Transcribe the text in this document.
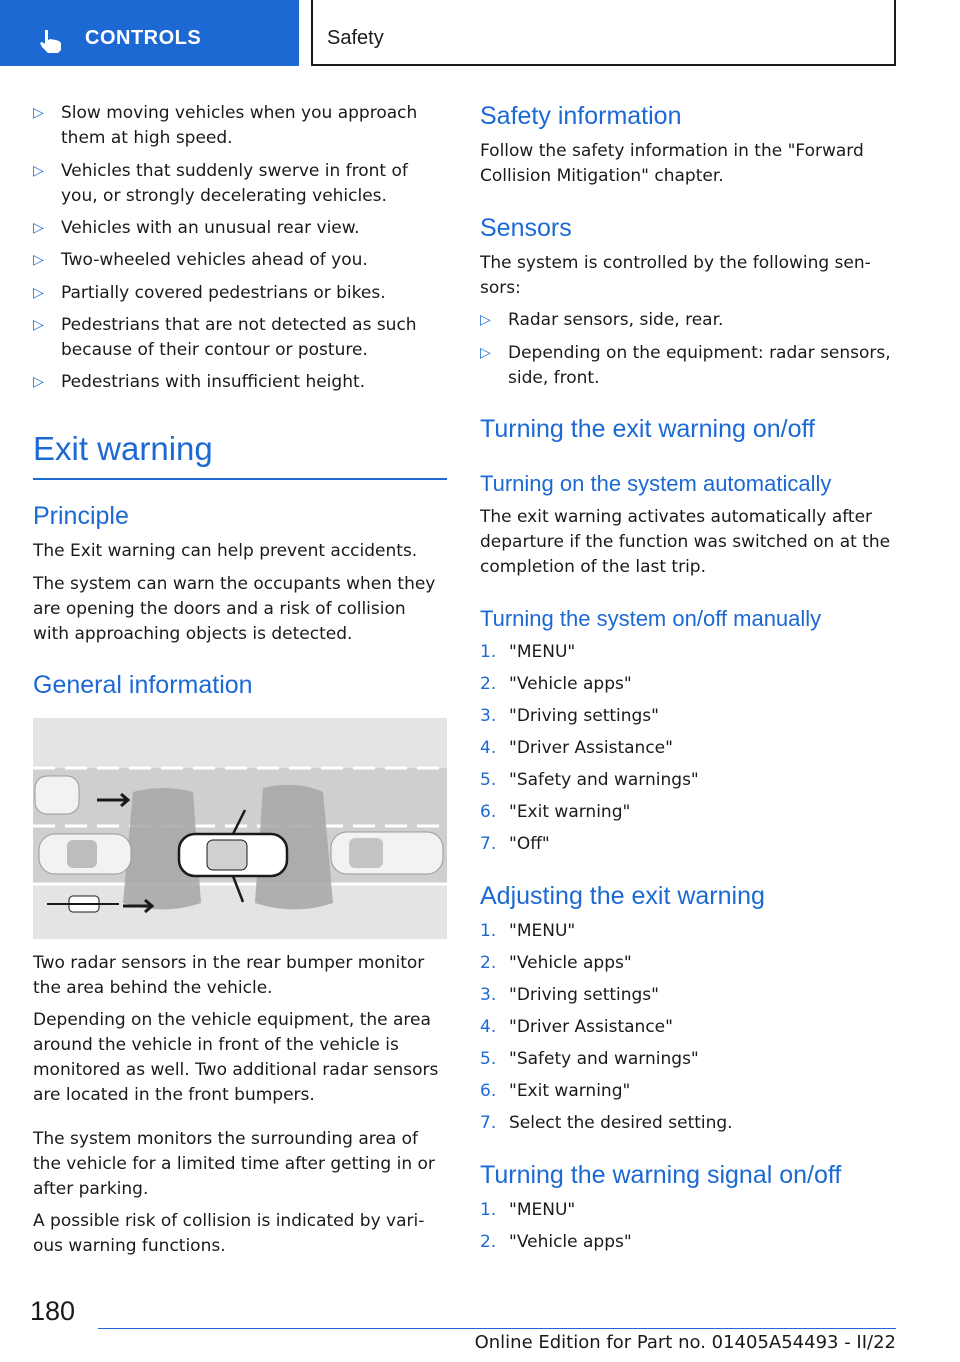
CONTROLS	Safety
▷ Slow moving vehicles when you approach them at high speed.
▷ Vehicles that suddenly swerve in front of you, or strongly decelerating vehicles.
▷ Vehicles with an unusual rear view.
▷ Two-wheeled vehicles ahead of you.
▷ Partially covered pedestrians or bikes.
▷ Pedestrians that are not detected as such because of their contour or posture.
▷ Pedestrians with insufficient height.
Exit warning
Principle
The Exit warning can help prevent accidents.
The system can warn the occupants when they are opening the doors and a risk of collision with approaching objects is detected.
General information
Two radar sensors in the rear bumper monitor the area behind the vehicle.
Depending on the vehicle equipment, the area around the vehicle in front of the vehicle is monitored as well. Two additional radar sensors are located in the front bumpers.
The system monitors the surrounding area of the vehicle for a limited time after getting in or after parking.
A possible risk of collision is indicated by various warning functions.
Safety information
Follow the safety information in the "Forward Collision Mitigation" chapter.
Sensors
The system is controlled by the following sensors:
▷ Radar sensors, side, rear.
▷ Depending on the equipment: radar sensors, side, front.
Turning the exit warning on/off
Turning on the system automatically
The exit warning activates automatically after departure if the function was switched on at the completion of the last trip.
Turning the system on/off manually
1. "MENU"
2. "Vehicle apps"
3. "Driving settings"
4. "Driver Assistance"
5. "Safety and warnings"
6. "Exit warning"
7. "Off"
Adjusting the exit warning
1. "MENU"
2. "Vehicle apps"
3. "Driving settings"
4. "Driver Assistance"
5. "Safety and warnings"
6. "Exit warning"
7. Select the desired setting.
Turning the warning signal on/off
1. "MENU"
2. "Vehicle apps"
180
Online Edition for Part no. 01405A54493 - II/22
